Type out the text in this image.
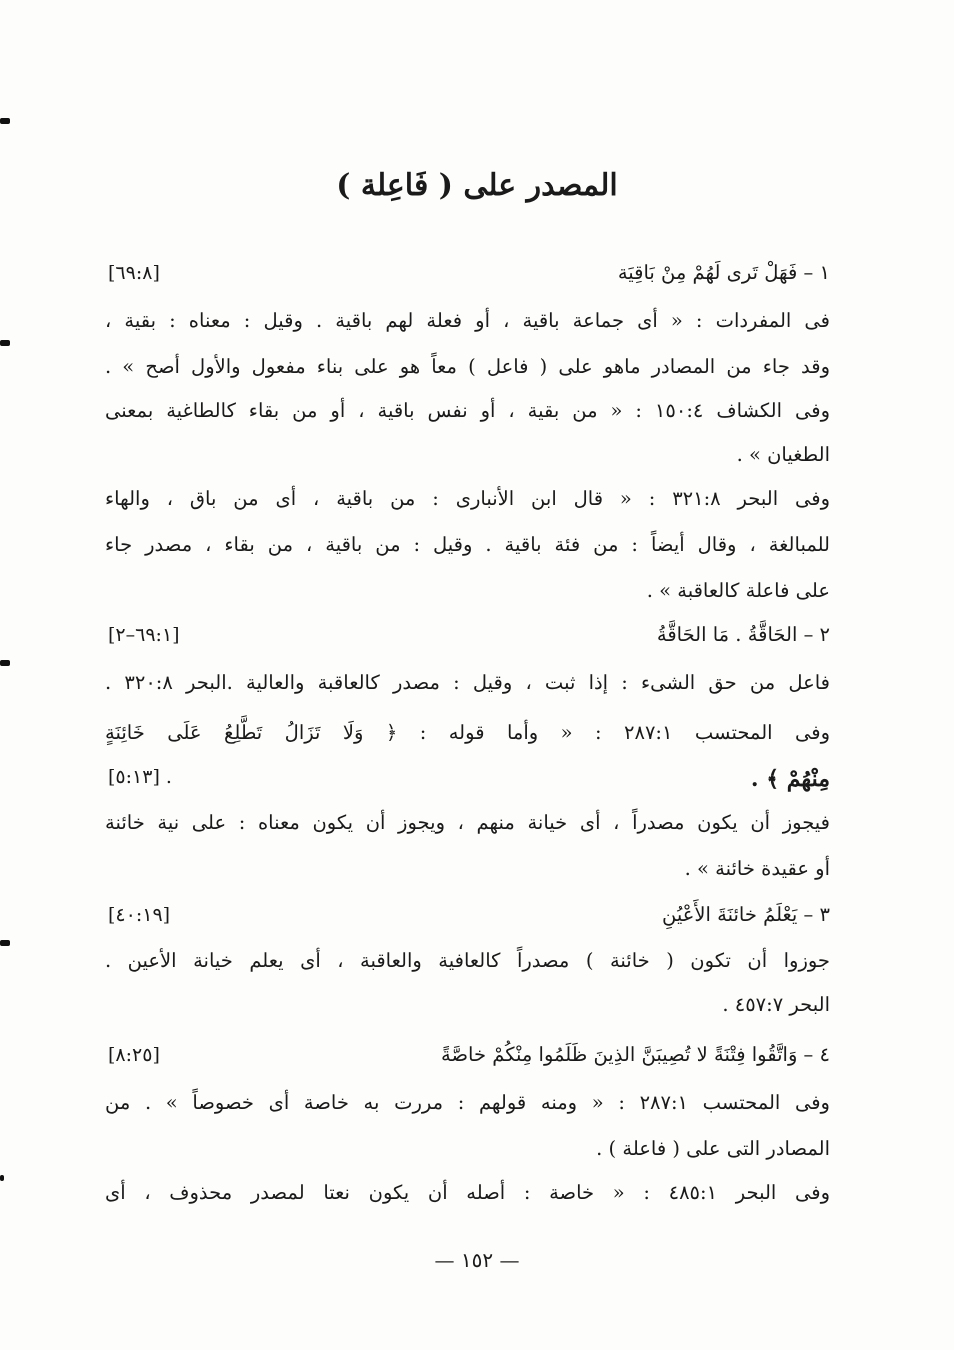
المصدر على ( فَاعِلة )
١ – فَهَلْ تَرى لَهُمْ مِنْ بَاقِيَة
[٦٩:٨]
فى المفردات : « أى جماعة باقية ، أو فعلة لهم باقية . وقيل : معناه : بقية ،
وقد جاء من المصادر ماهو على ( فاعل ) معاً هو على بناء مفعول والأول أصح » .
وفى الكشاف ١٥٠:٤ : « من بقية ، أو نفس باقية ، أو من بقاء كالطاغية بمعنى
الطغيان » .
وفى البحر ٣٢١:٨ : « قال ابن الأنبارى : من باقية ، أى من باق ، والهاء
للمبالغة ، وقال أيضاً : من فئة باقية . وقيل : من باقية ، من بقاء ، مصدر جاء
على فاعلة كالعاقبة » .
٢ – الحَاقَّةُ . مَا الحَاقَّةُ
[٦٩:١–٢]
فاعل من حق الشىء : إذا ثبت ، وقيل : مصدر كالعاقبة والعالية .البحر ٣٢٠:٨ .
وفى المحتسب ٢٨٧:١ : « وأما قوله : ﴿ وَلَا تَزَالُ تَطَّلِعُ عَلَى خَائِنَةٍ
مِنْهُمْ ﴾ .
[٥:١٣] .
فيجوز أن يكون مصدراً ، أى خيانة منهم ، ويجوز أن يكون معناه : على نية خائنة
أو عقيدة خائنة » .
٣ – يَعْلَمُ خائنَةَ الأَعْيُنِ
[٤٠:١٩]
جوزوا أن تكون ( خائنة ) مصدراً كالعافية والعاقبة ، أى يعلم خيانة الأعين .
البحر ٤٥٧:٧ .
٤ – وَاتَّقُوا فِتْنَةً لا تُصِيبَنَّ الذِينَ ظَلَمُوا مِنْكُمْ خاصَّةً
[٨:٢٥]
وفى المحتسب ٢٨٧:١ : « ومنه قولهم : مررت به خاصة أى خصوصاً » . من
المصادر التى على ( فاعلة ) .
وفى البحر ٤٨٥:١ : « خاصة : أصله أن يكون نعتا لمصدر محذوف ، أى
— ١٥٢ —
